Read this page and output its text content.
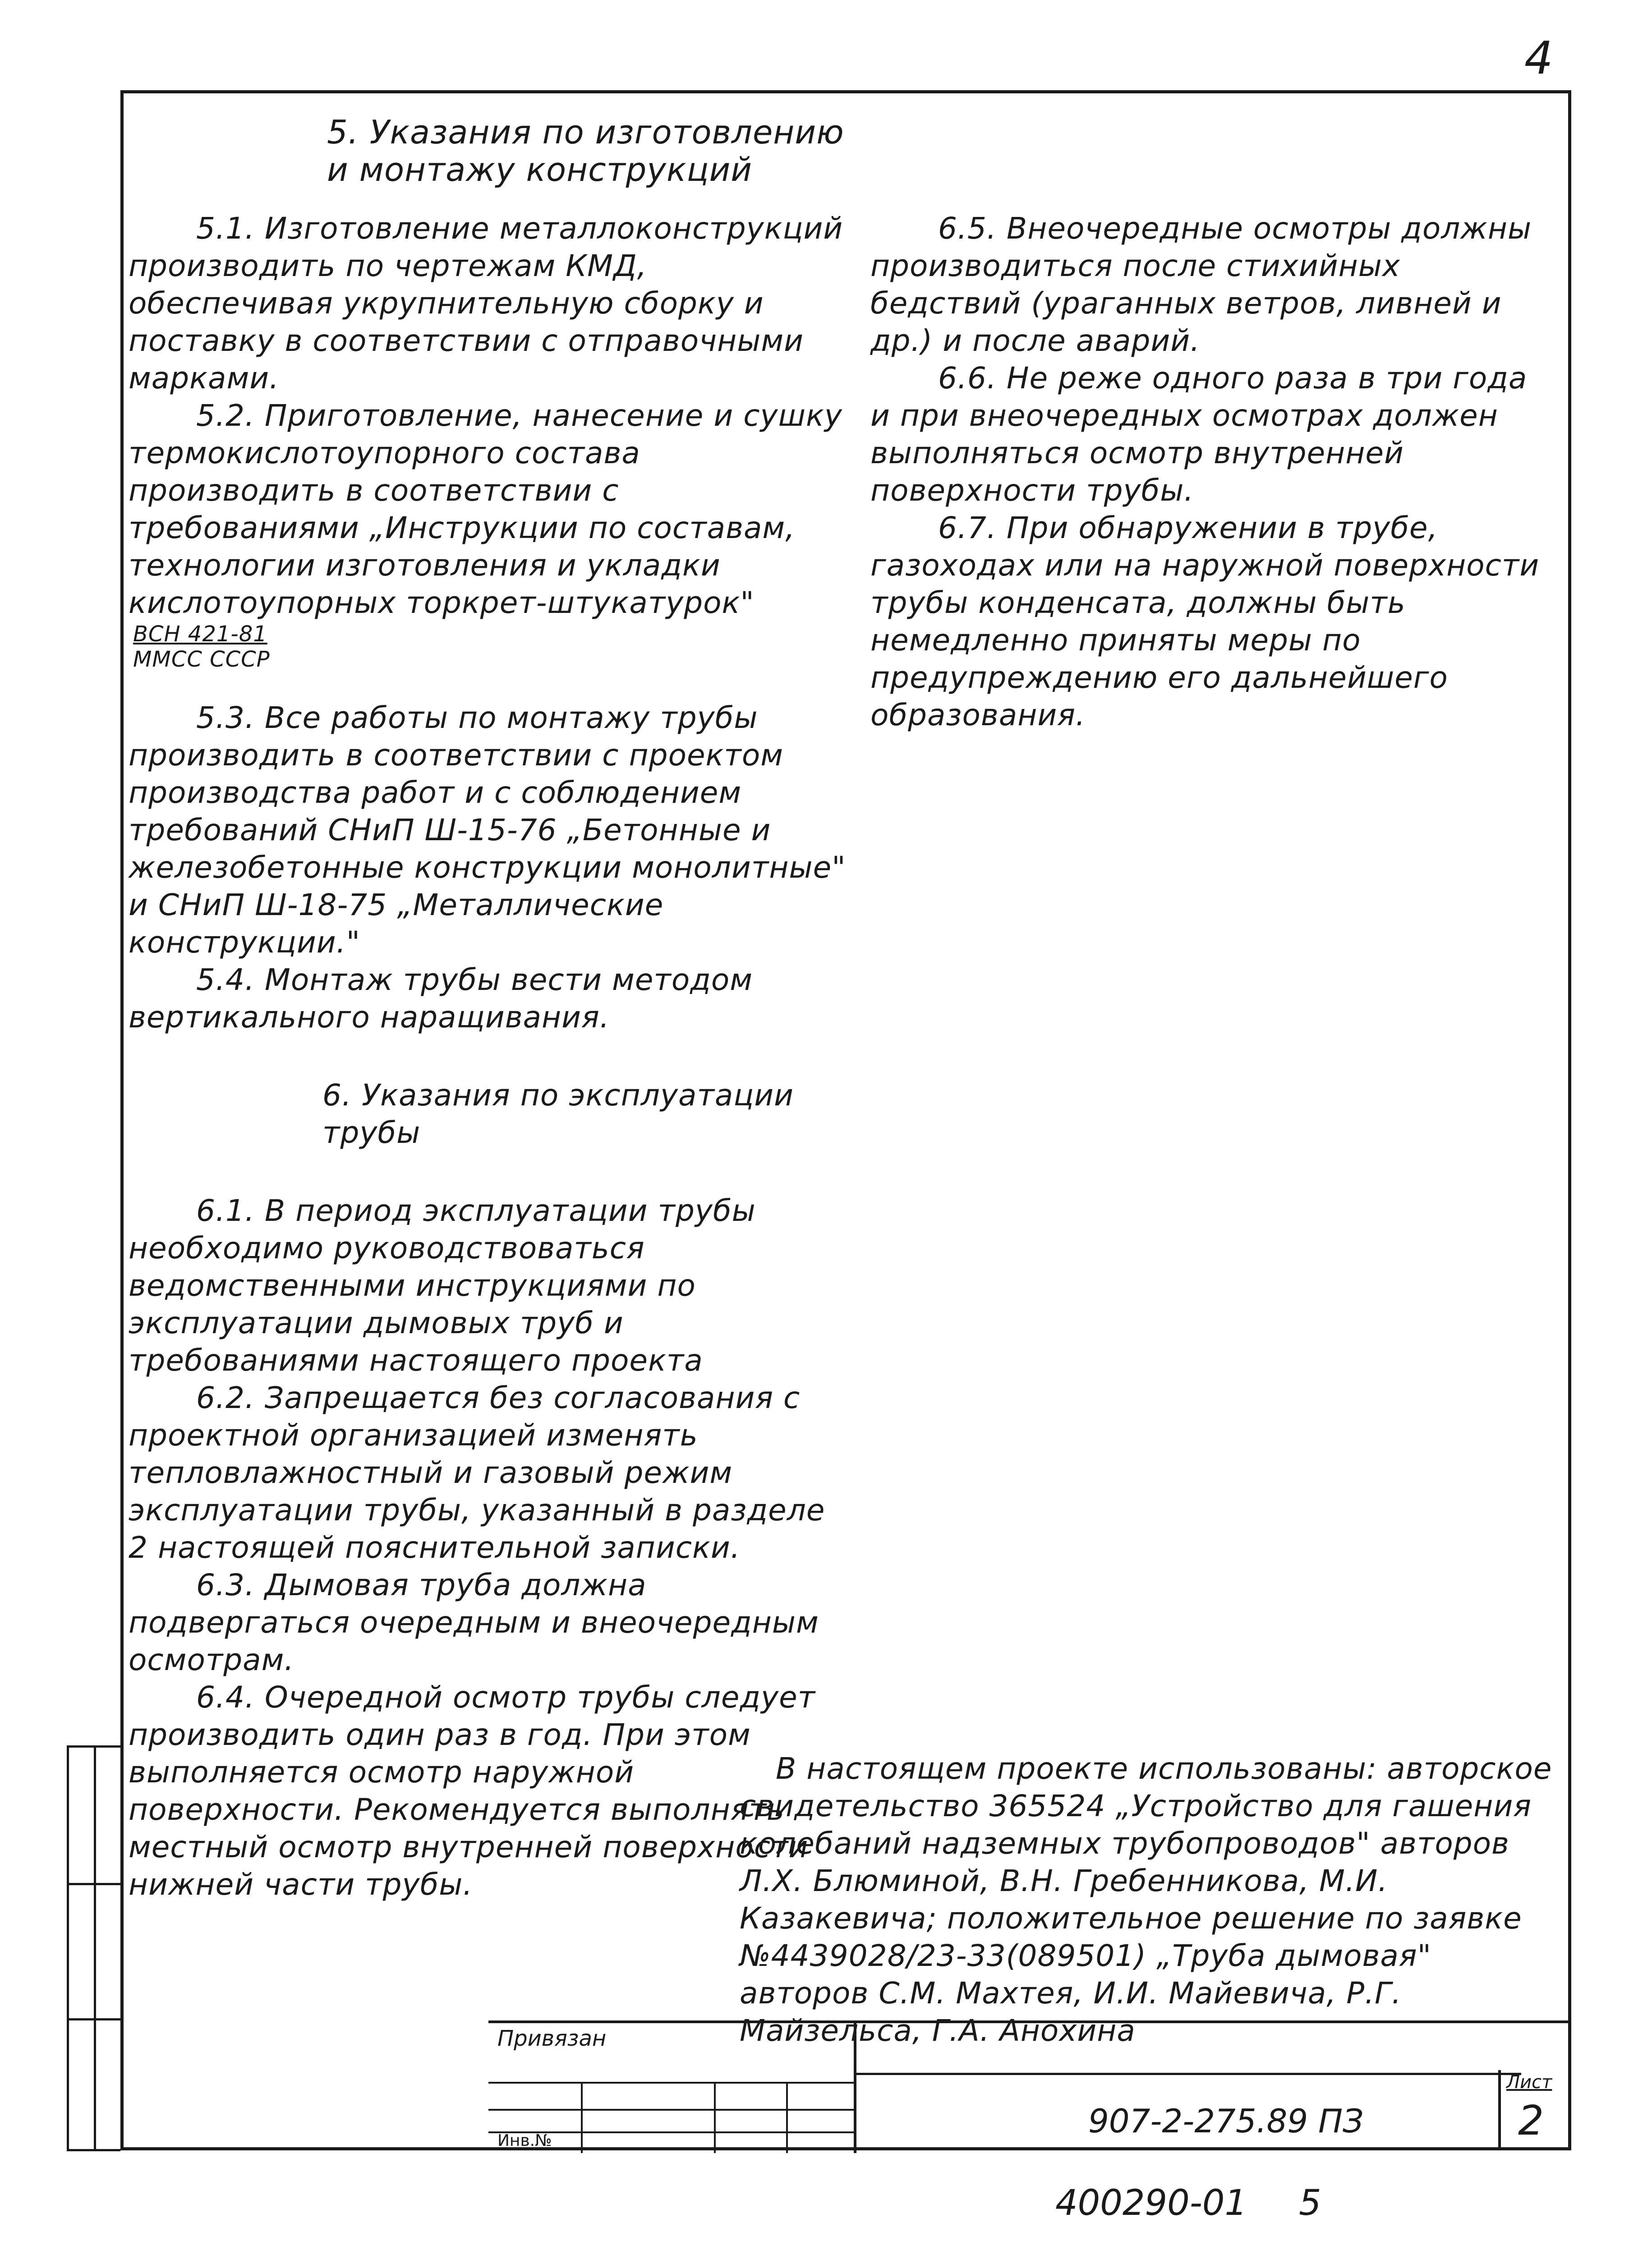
4
5. Указания по изготовлению
и монтажу конструкций

5.1. Изготовление металлоконструкций производить по чертежам КМД, обеспечивая укрупнительную сборку и поставку в соответствии с отправочными марками.

5.2. Приготовление, нанесение и сушку термокислотоупорного состава производить в соответствии с требованиями „Инструкции по составам, технологии изготовления и укладки кислотоупорных торкрет-штукатурок"

ВСН 421-81
ММСС СССР

5.3. Все работы по монтажу трубы производить в соответствии с проектом производства работ и с соблюдением требований СНиП Ш-15-76 „Бетонные и железобетонные конструкции монолитные" и СНиП Ш-18-75 „Металлические конструкции."

5.4. Монтаж трубы вести методом вертикального наращивания.

6. Указания по эксплуатации
трубы

6.1. В период эксплуатации трубы необходимо руководствоваться ведомственными инструкциями по эксплуатации дымовых труб и требованиями настоящего проекта

6.2. Запрещается без согласования с проектной организацией изменять тепловлажностный и газовый режим эксплуатации трубы, указанный в разделе 2 настоящей пояснительной записки.

6.3. Дымовая труба должна подвергаться очередным и внеочередным осмотрам.

6.4. Очередной осмотр трубы следует производить один раз в год. При этом выполняется осмотр наружной поверхности. Рекомендуется выполнять местный осмотр внутренней поверхности нижней части трубы.

6.5. Внеочередные осмотры должны производиться после стихийных бедствий (ураганных ветров, ливней и др.) и после аварий.

6.6. Не реже одного раза в три года и при внеочередных осмотрах должен выполняться осмотр внутренней поверхности трубы.

6.7. При обнаружении в трубе, газоходах или на наружной поверхности трубы конденсата, должны быть немедленно приняты меры по предупреждению его дальнейшего образования.

В настоящем проекте использованы: авторское свидетельство 365524 „Устройство для гашения колебаний надземных трубопроводов" авторов Л.Х. Блюминой, В.Н. Гребенникова, М.И. Казакевича; положительное решение по заявке №4439028/23-33(089501) „Труба дымовая" авторов С.М. Махтея, И.И. Майевича, Р.Г. Майзельса, Г.А. Анохина

Привязан
Инв.№
907-2-275.89 ПЗ
Лист
2
400290-01 5
